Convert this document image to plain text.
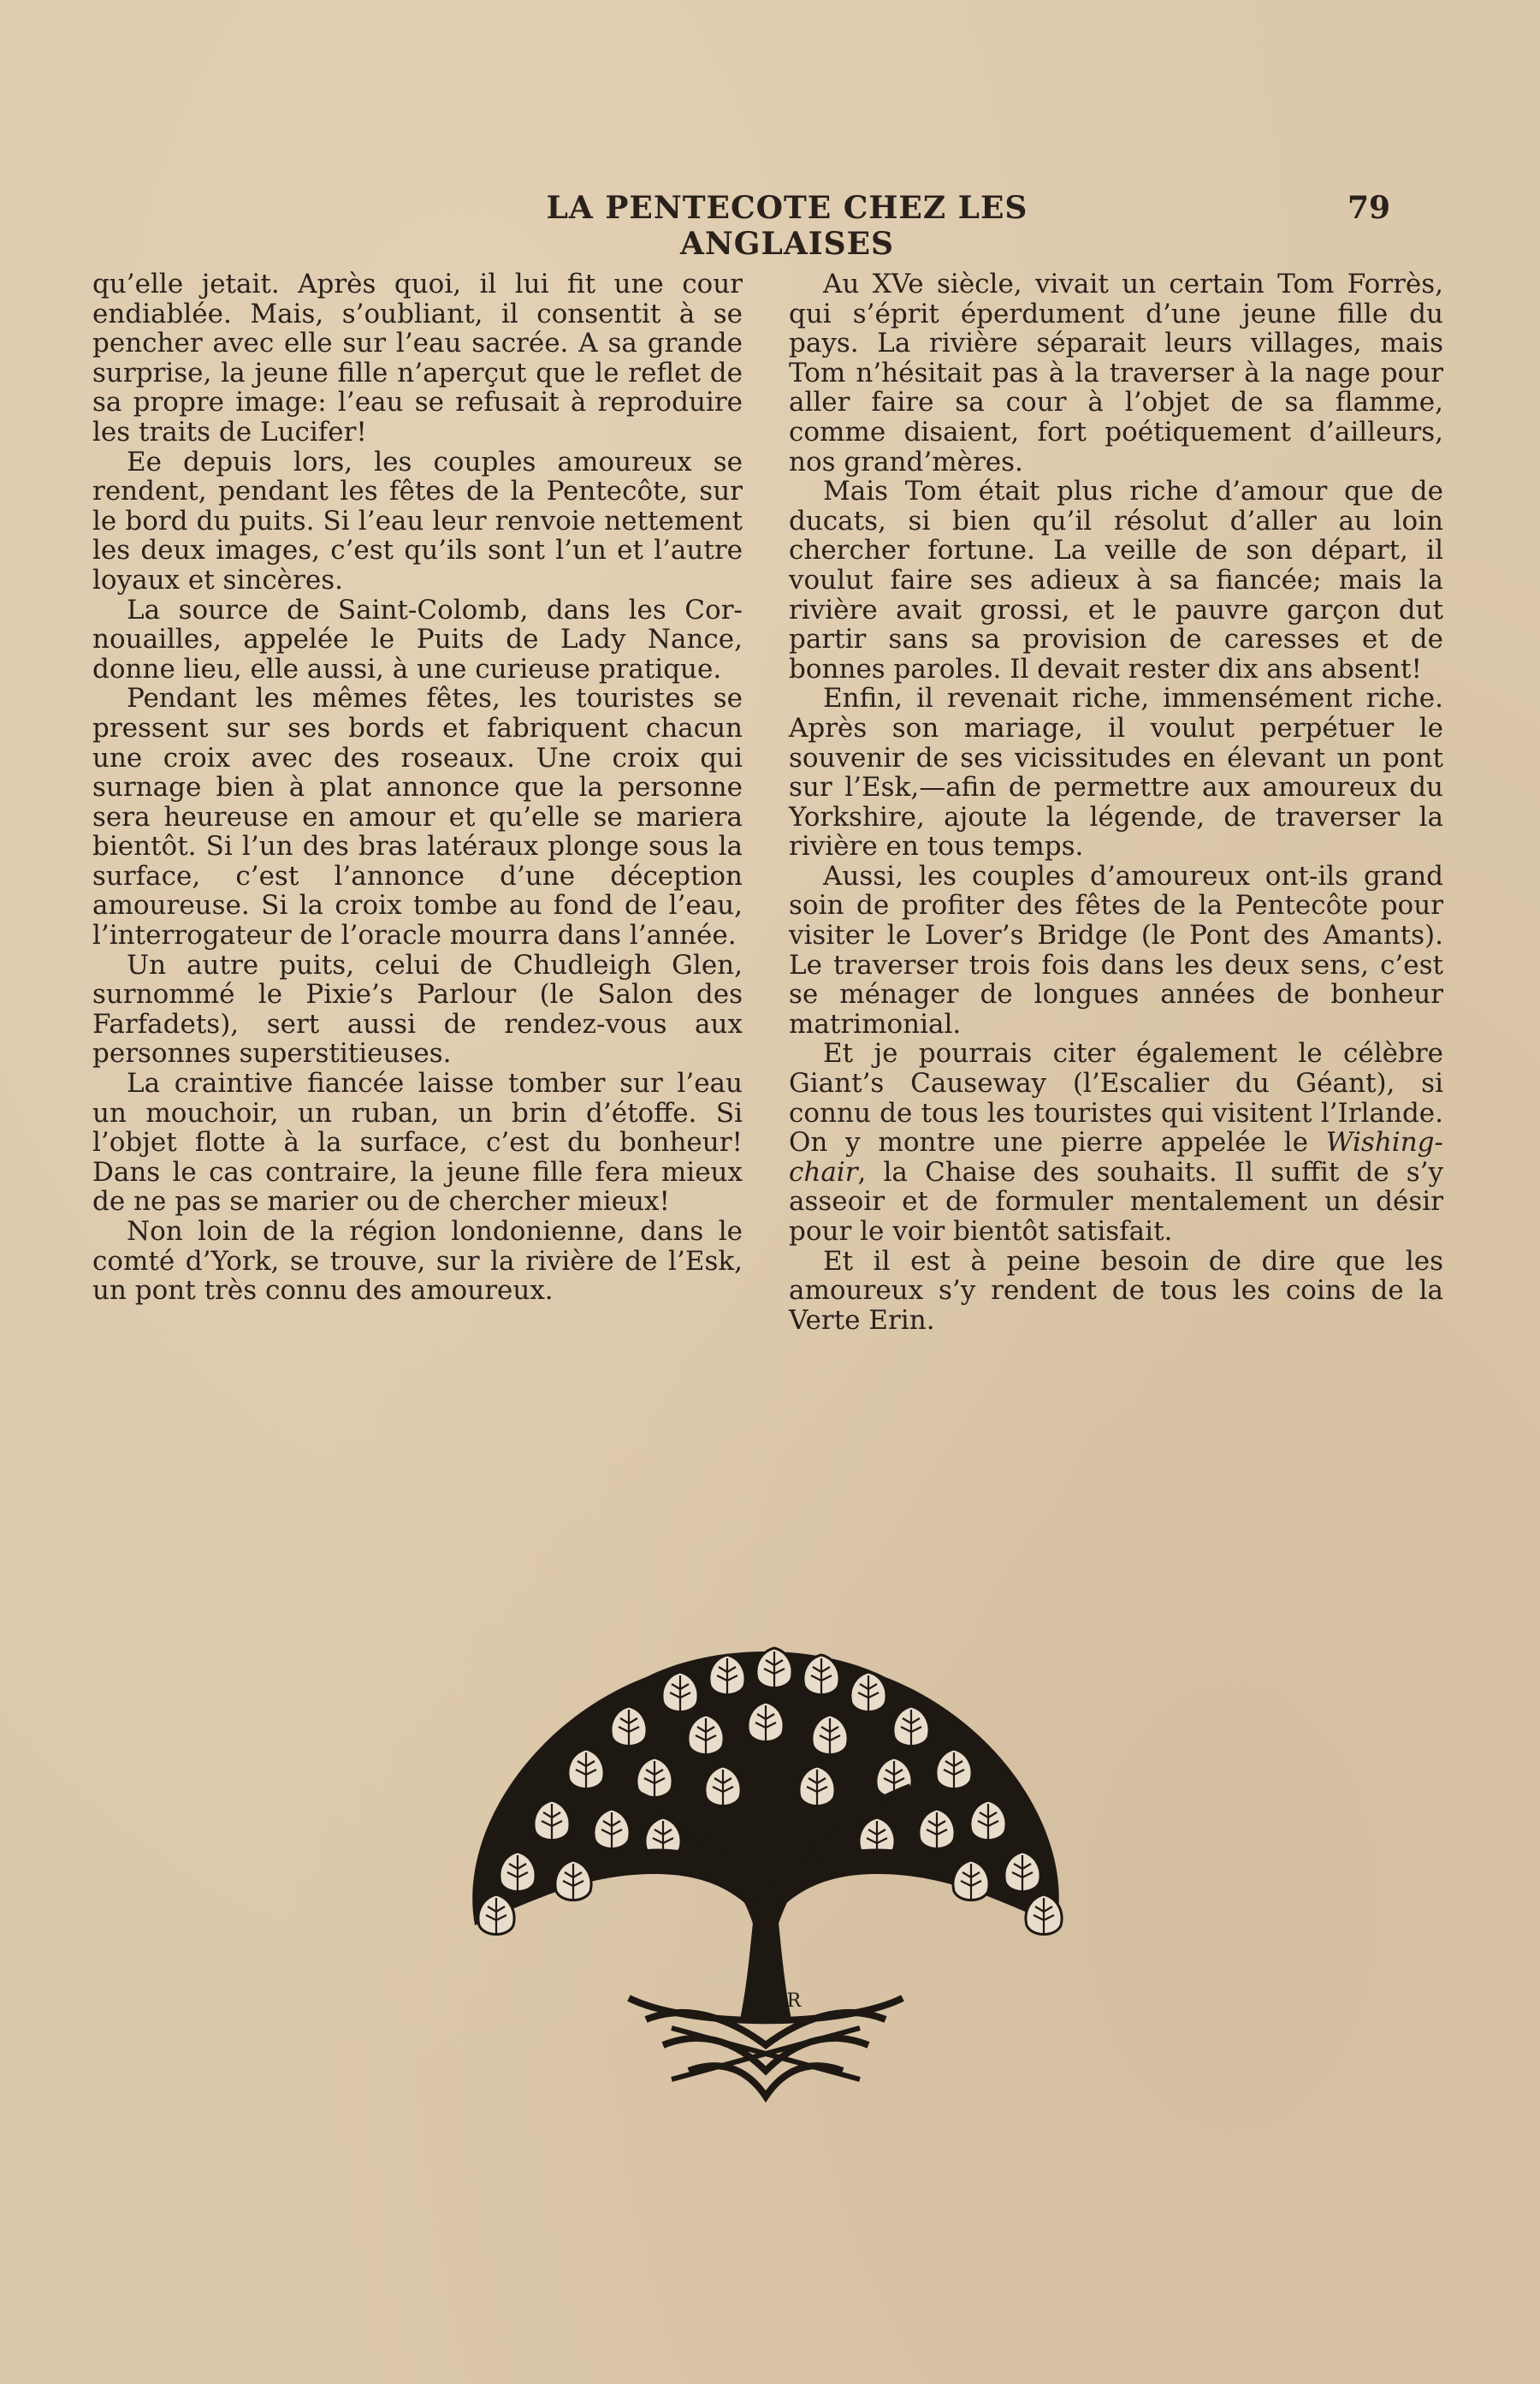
LA PENTECOTE CHEZ LES ANGLAISES
79

qu’elle jetait. Après quoi, il lui fit une cour endiablée. Mais, s’oubliant, il consentit à se pencher avec elle sur l’eau sacrée. A sa grande surprise, la jeune fille n’aperçut que le reflet de sa propre image: l’eau se refusait à reproduire les traits de Lucifer!

Ee depuis lors, les couples amoureux se rendent, pendant les fêtes de la Pentecôte, sur le bord du puits. Si l’eau leur renvoie nettement les deux images, c’est qu’ils sont l’un et l’autre loyaux et sincères.

La source de Saint-Colomb, dans les Cornouailles, appelée le Puits de Lady Nance, donne lieu, elle aussi, à une curieuse pratique.

Pendant les mêmes fêtes, les touristes se pressent sur ses bords et fabriquent chacun une croix avec des roseaux. Une croix qui surnage bien à plat annonce que la personne sera heureuse en amour et qu’elle se mariera bientôt. Si l’un des bras latéraux plonge sous la surface, c’est l’annonce d’une déception amoureuse. Si la croix tombe au fond de l’eau, l’interrogateur de l’oracle mourra dans l’année.

Un autre puits, celui de Chudleigh Glen, surnommé le Pixie’s Parlour (le Salon des Farfadets), sert aussi de rendez-vous aux personnes superstitieuses.

La craintive fiancée laisse tomber sur l’eau un mouchoir, un ruban, un brin d’étoffe. Si l’objet flotte à la surface, c’est du bonheur! Dans le cas contraire, la jeune fille fera mieux de ne pas se marier ou de chercher mieux!

Non loin de la région londonienne, dans le comté d’York, se trouve, sur la rivière de l’Esk, un pont très connu des amoureux.

Au XVe siècle, vivait un certain Tom Forrès, qui s’éprit éperdument d’une jeune fille du pays. La rivière séparait leurs villages, mais Tom n’hésitait pas à la traverser à la nage pour aller faire sa cour à l’objet de sa flamme, comme disaient, fort poétiquement d’ailleurs, nos grand’mères.

Mais Tom était plus riche d’amour que de ducats, si bien qu’il résolut d’aller au loin chercher fortune. La veille de son départ, il voulut faire ses adieux à sa fiancée; mais la rivière avait grossi, et le pauvre garçon dut partir sans sa provision de caresses et de bonnes paroles. Il devait rester dix ans absent!

Enfin, il revenait riche, immensément riche. Après son mariage, il voulut perpétuer le souvenir de ses vicissitudes en élevant un pont sur l’Esk,—afin de permettre aux amoureux du Yorkshire, ajoute la légende, de traverser la rivière en tous temps.

Aussi, les couples d’amoureux ont-ils grand soin de profiter des fêtes de la Pentecôte pour visiter le Lover’s Bridge (le Pont des Amants). Le traverser trois fois dans les deux sens, c’est se ménager de longues années de bonheur matrimonial.

Et je pourrais citer également le célèbre Giant’s Causeway (l’Escalier du Géant), si connu de tous les touristes qui visitent l’Irlande. On y montre une pierre appelée le Wishing-chair, la Chaise des souhaits. Il suffit de s’y asseoir et de formuler mentalement un désir pour le voir bientôt satisfait.

Et il est à peine besoin de dire que les amoureux s’y rendent de tous les coins de la Verte Erin.

LR
